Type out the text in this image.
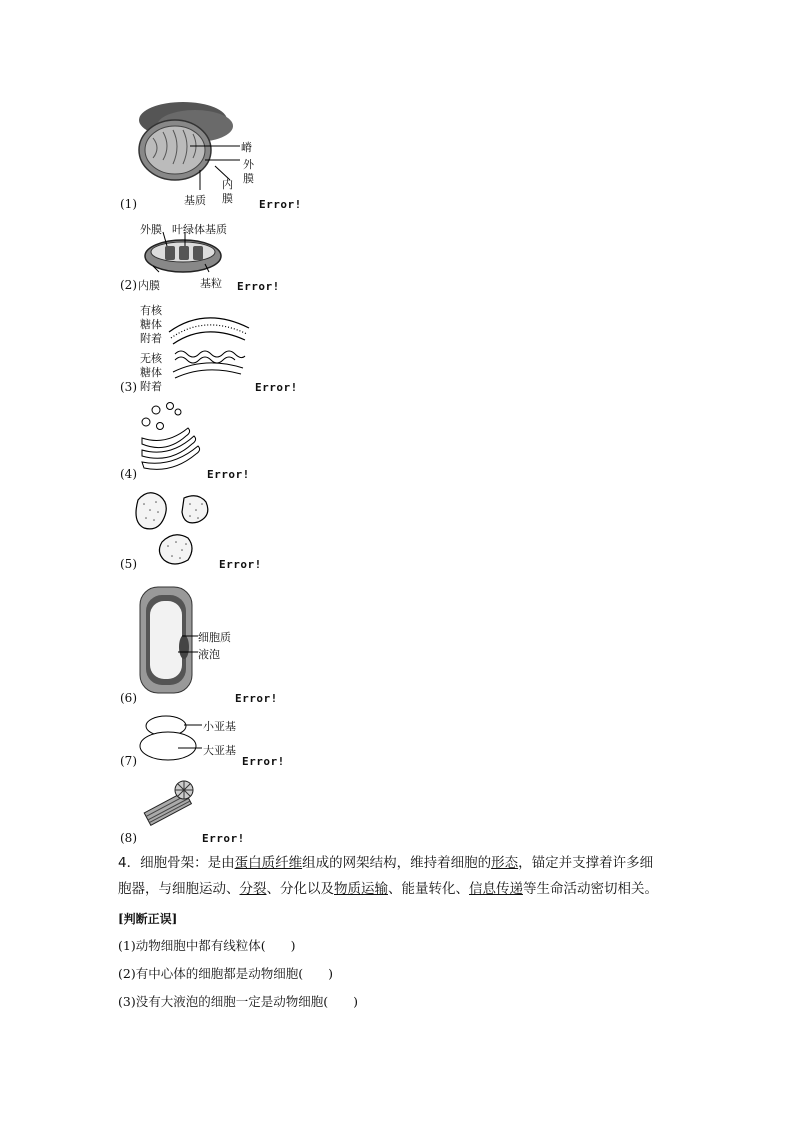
嵴
外
膜
内
膜
基质
(1)	Error!
外膜 叶绿体基质
内膜	基粒
(2)	Error!
有核
糖体
附着
无核
糖体
附着
(3)	Error!
(4)	Error!
(5)	Error!
细胞质
液泡
(6)	Error!
小亚基
大亚基
(7)	Error!
(8)	Error!
4．细胞骨架：是由蛋白质纤维组成的网架结构，维持着细胞的形态，锚定并支撑着许多细
胞器，与细胞运动、分裂、分化以及物质运输、能量转化、信息传递等生命活动密切相关。
[判断正误]
(1)动物细胞中都有线粒体(　　)
(2)有中心体的细胞都是动物细胞(　　)
(3)没有大液泡的细胞一定是动物细胞(　　)
